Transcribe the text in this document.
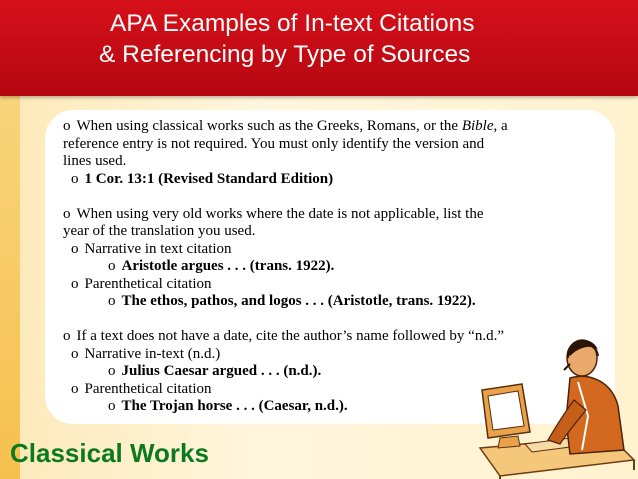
APA Examples of In-text Citations
& Referencing by Type of Sources

o When using classical works such as the Greeks, Romans, or the Bible, a

reference entry is not required. You must only identify the version and

lines used.

o 1 Cor. 13:1 (Revised Standard Edition)

o When using very old works where the date is not applicable, list the

year of the translation you used.

o Narrative in text citation

o Aristotle argues . . . (trans. 1922).

o Parenthetical citation

o The ethos, pathos, and logos . . . (Aristotle, trans. 1922).

o If a text does not have a date, cite the author’s name followed by “n.d.”

o Narrative in-text (n.d.)

o Julius Caesar argued . . . (n.d.).

o Parenthetical citation

o The Trojan horse . . . (Caesar, n.d.).

Classical Works
